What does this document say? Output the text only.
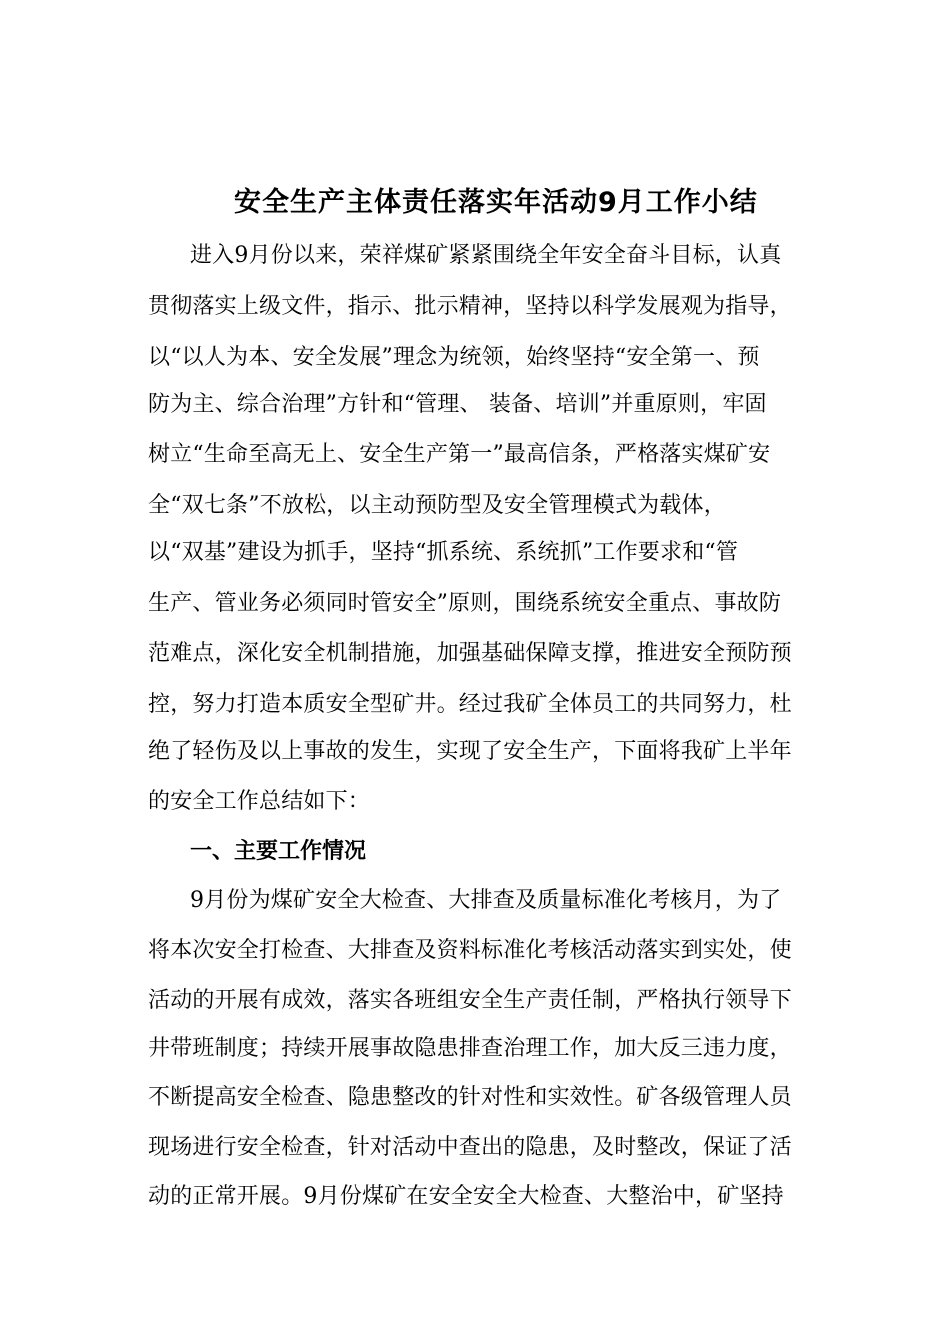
安全生产主体责任落实年活动9月工作小结
进入9月份以来，荣祥煤矿紧紧围绕全年安全奋斗目标，认真
贯彻落实上级文件，指示、批示精神，坚持以科学发展观为指导，
以“以人为本、安全发展”理念为统领，始终坚持“安全第一、预
防为主、综合治理”方针和“管理、 装备、培训”并重原则，牢固
树立“生命至高无上、安全生产第一”最高信条，严格落实煤矿安
全“双七条”不放松，以主动预防型及安全管理模式为载体，
以“双基”建设为抓手，坚持“抓系统、系统抓”工作要求和“管
生产、管业务必须同时管安全”原则，围绕系统安全重点、事故防
范难点，深化安全机制措施，加强基础保障支撑，推进安全预防预
控，努力打造本质安全型矿井。经过我矿全体员工的共同努力，杜
绝了轻伤及以上事故的发生，实现了安全生产，下面将我矿上半年
的安全工作总结如下：
一、主要工作情况
9月份为煤矿安全大检查、大排查及质量标准化考核月，为了
将本次安全打检查、大排查及资料标准化考核活动落实到实处，使
活动的开展有成效，落实各班组安全生产责任制，严格执行领导下
井带班制度；持续开展事故隐患排查治理工作，加大反三违力度，
不断提高安全检查、隐患整改的针对性和实效性。矿各级管理人员
现场进行安全检查，针对活动中查出的隐患，及时整改，保证了活
动的正常开展。9月份煤矿在安全安全大检查、大整治中，矿坚持
